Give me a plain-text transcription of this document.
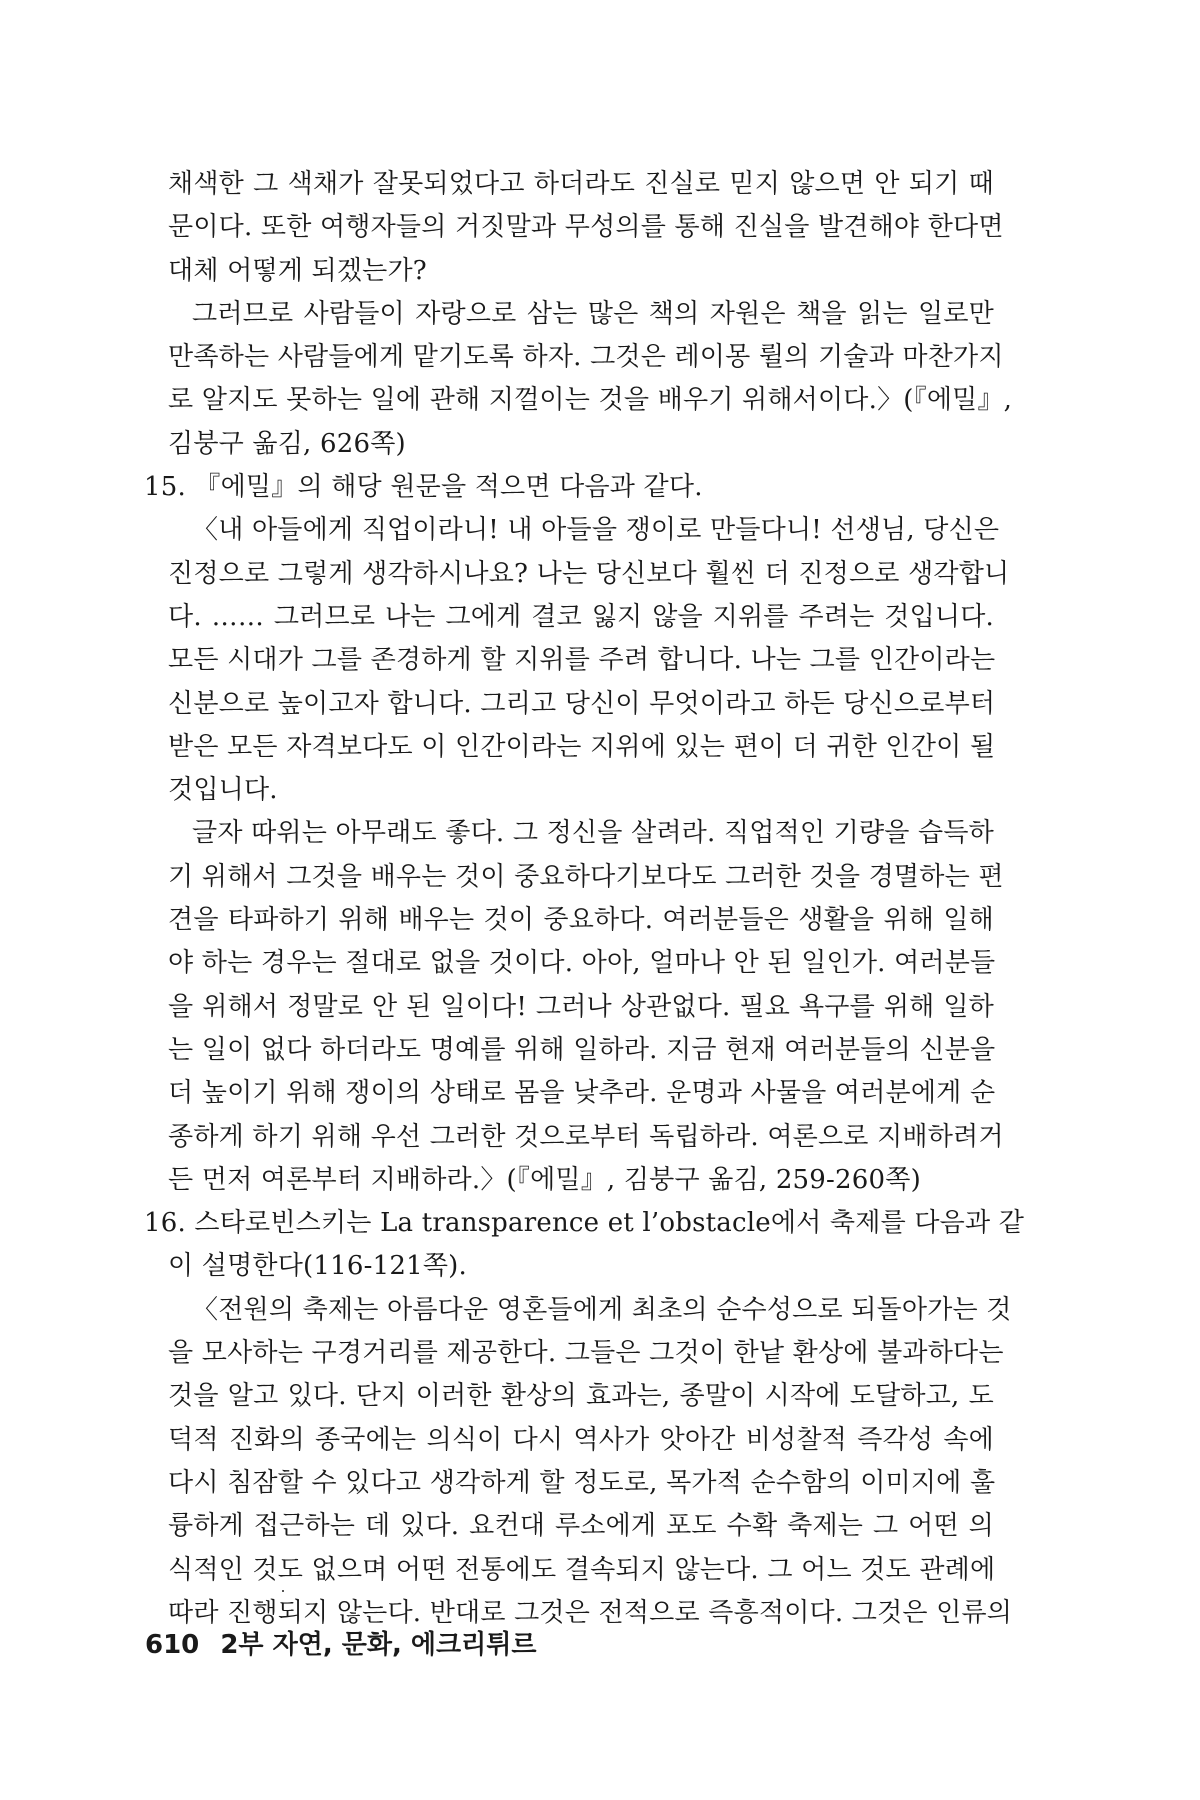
채색한 그 색채가 잘못되었다고 하더라도 진실로 믿지 않으면 안 되기 때
문이다. 또한 여행자들의 거짓말과 무성의를 통해 진실을 발견해야 한다면
대체 어떻게 되겠는가?
그러므로 사람들이 자랑으로 삼는 많은 책의 자원은 책을 읽는 일로만
만족하는 사람들에게 맡기도록 하자. 그것은 레이몽 륄의 기술과 마찬가지
로 알지도 못하는 일에 관해 지껄이는 것을 배우기 위해서이다.〉(『에밀』,
김붕구 옮김, 626쪽)
15. 『에밀』의 해당 원문을 적으면 다음과 같다.
〈내 아들에게 직업이라니! 내 아들을 쟁이로 만들다니! 선생님, 당신은
진정으로 그렇게 생각하시나요? 나는 당신보다 훨씬 더 진정으로 생각합니
다. …… 그러므로 나는 그에게 결코 잃지 않을 지위를 주려는 것입니다.
모든 시대가 그를 존경하게 할 지위를 주려 합니다. 나는 그를 인간이라는
신분으로 높이고자 합니다. 그리고 당신이 무엇이라고 하든 당신으로부터
받은 모든 자격보다도 이 인간이라는 지위에 있는 편이 더 귀한 인간이 될
것입니다.
글자 따위는 아무래도 좋다. 그 정신을 살려라. 직업적인 기량을 습득하
기 위해서 그것을 배우는 것이 중요하다기보다도 그러한 것을 경멸하는 편
견을 타파하기 위해 배우는 것이 중요하다. 여러분들은 생활을 위해 일해
야 하는 경우는 절대로 없을 것이다. 아아, 얼마나 안 된 일인가. 여러분들
을 위해서 정말로 안 된 일이다! 그러나 상관없다. 필요 욕구를 위해 일하
는 일이 없다 하더라도 명예를 위해 일하라. 지금 현재 여러분들의 신분을
더 높이기 위해 쟁이의 상태로 몸을 낮추라. 운명과 사물을 여러분에게 순
종하게 하기 위해 우선 그러한 것으로부터 독립하라. 여론으로 지배하려거
든 먼저 여론부터 지배하라.〉(『에밀』, 김붕구 옮김, 259-260쪽)
16. 스타로빈스키는 La transparence et l’obstacle에서 축제를 다음과 같
이 설명한다(116-121쪽).
〈전원의 축제는 아름다운 영혼들에게 최초의 순수성으로 되돌아가는 것
을 모사하는 구경거리를 제공한다. 그들은 그것이 한낱 환상에 불과하다는
것을 알고 있다. 단지 이러한 환상의 효과는, 종말이 시작에 도달하고, 도
덕적 진화의 종국에는 의식이 다시 역사가 앗아간 비성찰적 즉각성 속에
다시 침잠할 수 있다고 생각하게 할 정도로, 목가적 순수함의 이미지에 훌
륭하게 접근하는 데 있다. 요컨대 루소에게 포도 수확 축제는 그 어떤 의
식적인 것도 없으며 어떤 전통에도 결속되지 않는다. 그 어느 것도 관례에
따라 진행되지 않는다. 반대로 그것은 전적으로 즉흥적이다. 그것은 인류의
610 2부 자연, 문화, 에크리튀르
